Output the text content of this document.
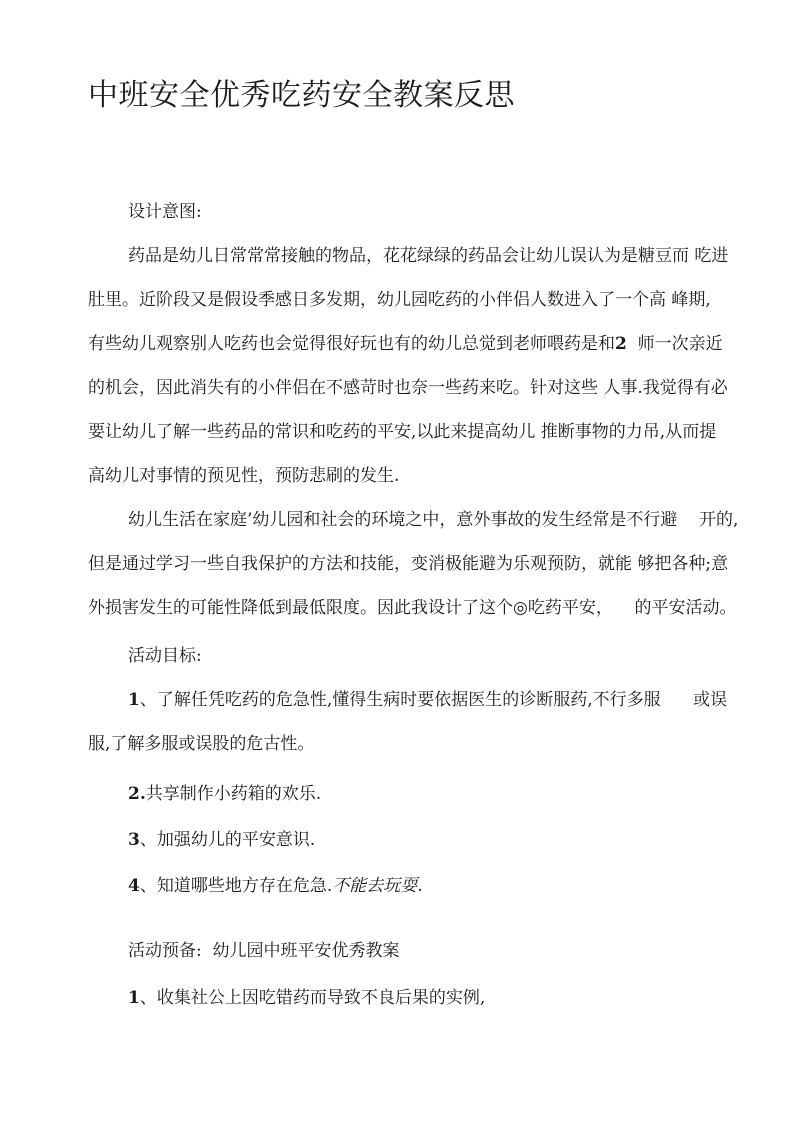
中班安全优秀吃药安全教案反思
设计意图:
药品是幼儿日常常常接触的物品，花花绿绿的药品会让幼儿误认为是糖豆而 吃进
肚里。近阶段又是假设季感日多发期，幼儿园吃药的小伴侣人数进入了一个高 峰期,
有些幼儿观察别人吃药也会觉得很好玩也有的幼儿总觉到老师喂药是和2  师一次亲近
的机会，因此消失有的小伴侣在不感苛时也奈一些药来吃。针对这些 人事.我觉得有必
要让幼儿了解一些药品的常识和吃药的平安,以此来提高幼儿 推断事物的力吊,从而提
高幼儿对事情的预见性，预防悲刷的发生.
幼儿生活在家庭’幼儿园和社会的环境之中，意外事故的发生经常是不行避    开的,
但是通过学习一些自我保护的方法和技能，变消极能避为乐观预防，就能 够把各种;意
外损害发生的可能性降低到最低限度。因此我设计了这个◎吃药平安，    的平安活动。
活动目标:
1、了解任凭吃药的危急性,懂得生病时要依据医生的诊断服药,不行多服      或误
服,了解多服或误股的危古性。
2.共享制作小药箱的欢乐.
3、加强幼儿的平安意识.
4、知道哪些地方存在危急.不能去玩耍.
活动预备:  幼儿园中班平安优秀教案
1、收集社公上因吃错药而导致不良后果的实例,
